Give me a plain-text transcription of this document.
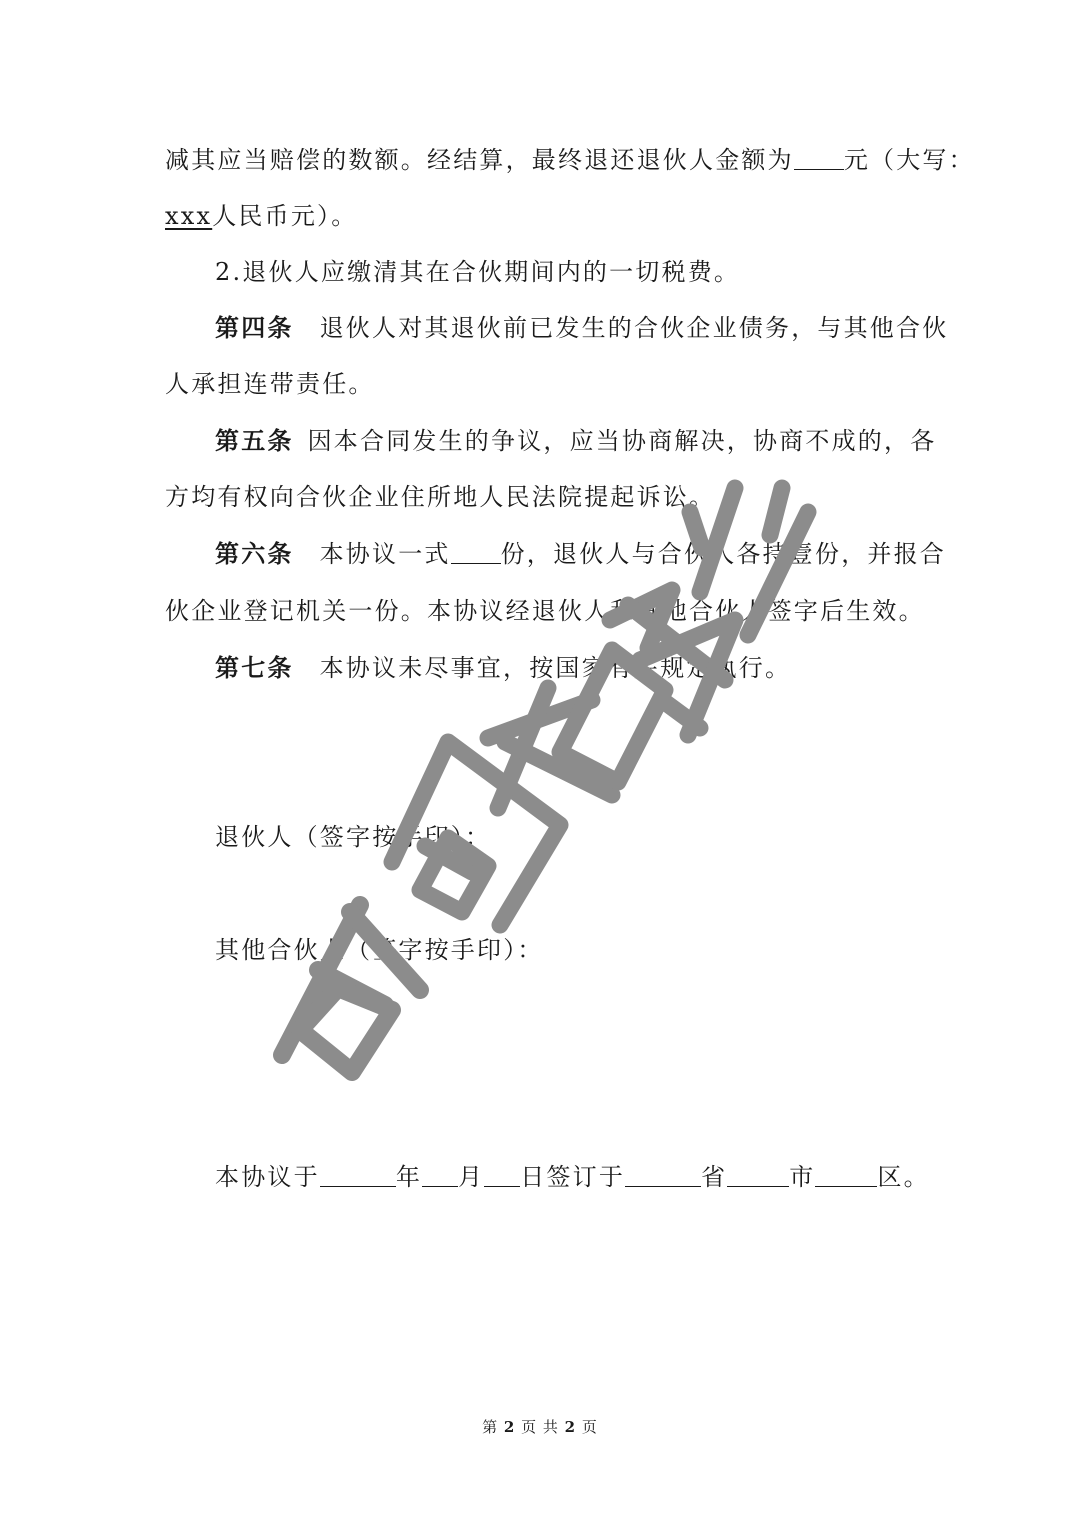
减其应当赔偿的数额。经结算，最终退还退伙人金额为 元（大写：
xxx人民币元）。
2.退伙人应缴清其在合伙期间内的一切税费。
第四条 退伙人对其退伙前已发生的合伙企业债务，与其他合伙
人承担连带责任。
第五条 因本合同发生的争议，应当协商解决，协商不成的，各
方均有权向合伙企业住所地人民法院提起诉讼。
第六条 本协议一式 份，退伙人与合伙人各持壹份，并报合
伙企业登记机关一份。本协议经退伙人和其他合伙人签字后生效。
第七条 本协议未尽事宜，按国家有关规定执行。
退伙人（签字按手印）：
其他合伙人（签字按手印）：
本协议于	年 月 日签订于	省	市	区。
第 2 页 共 2 页
